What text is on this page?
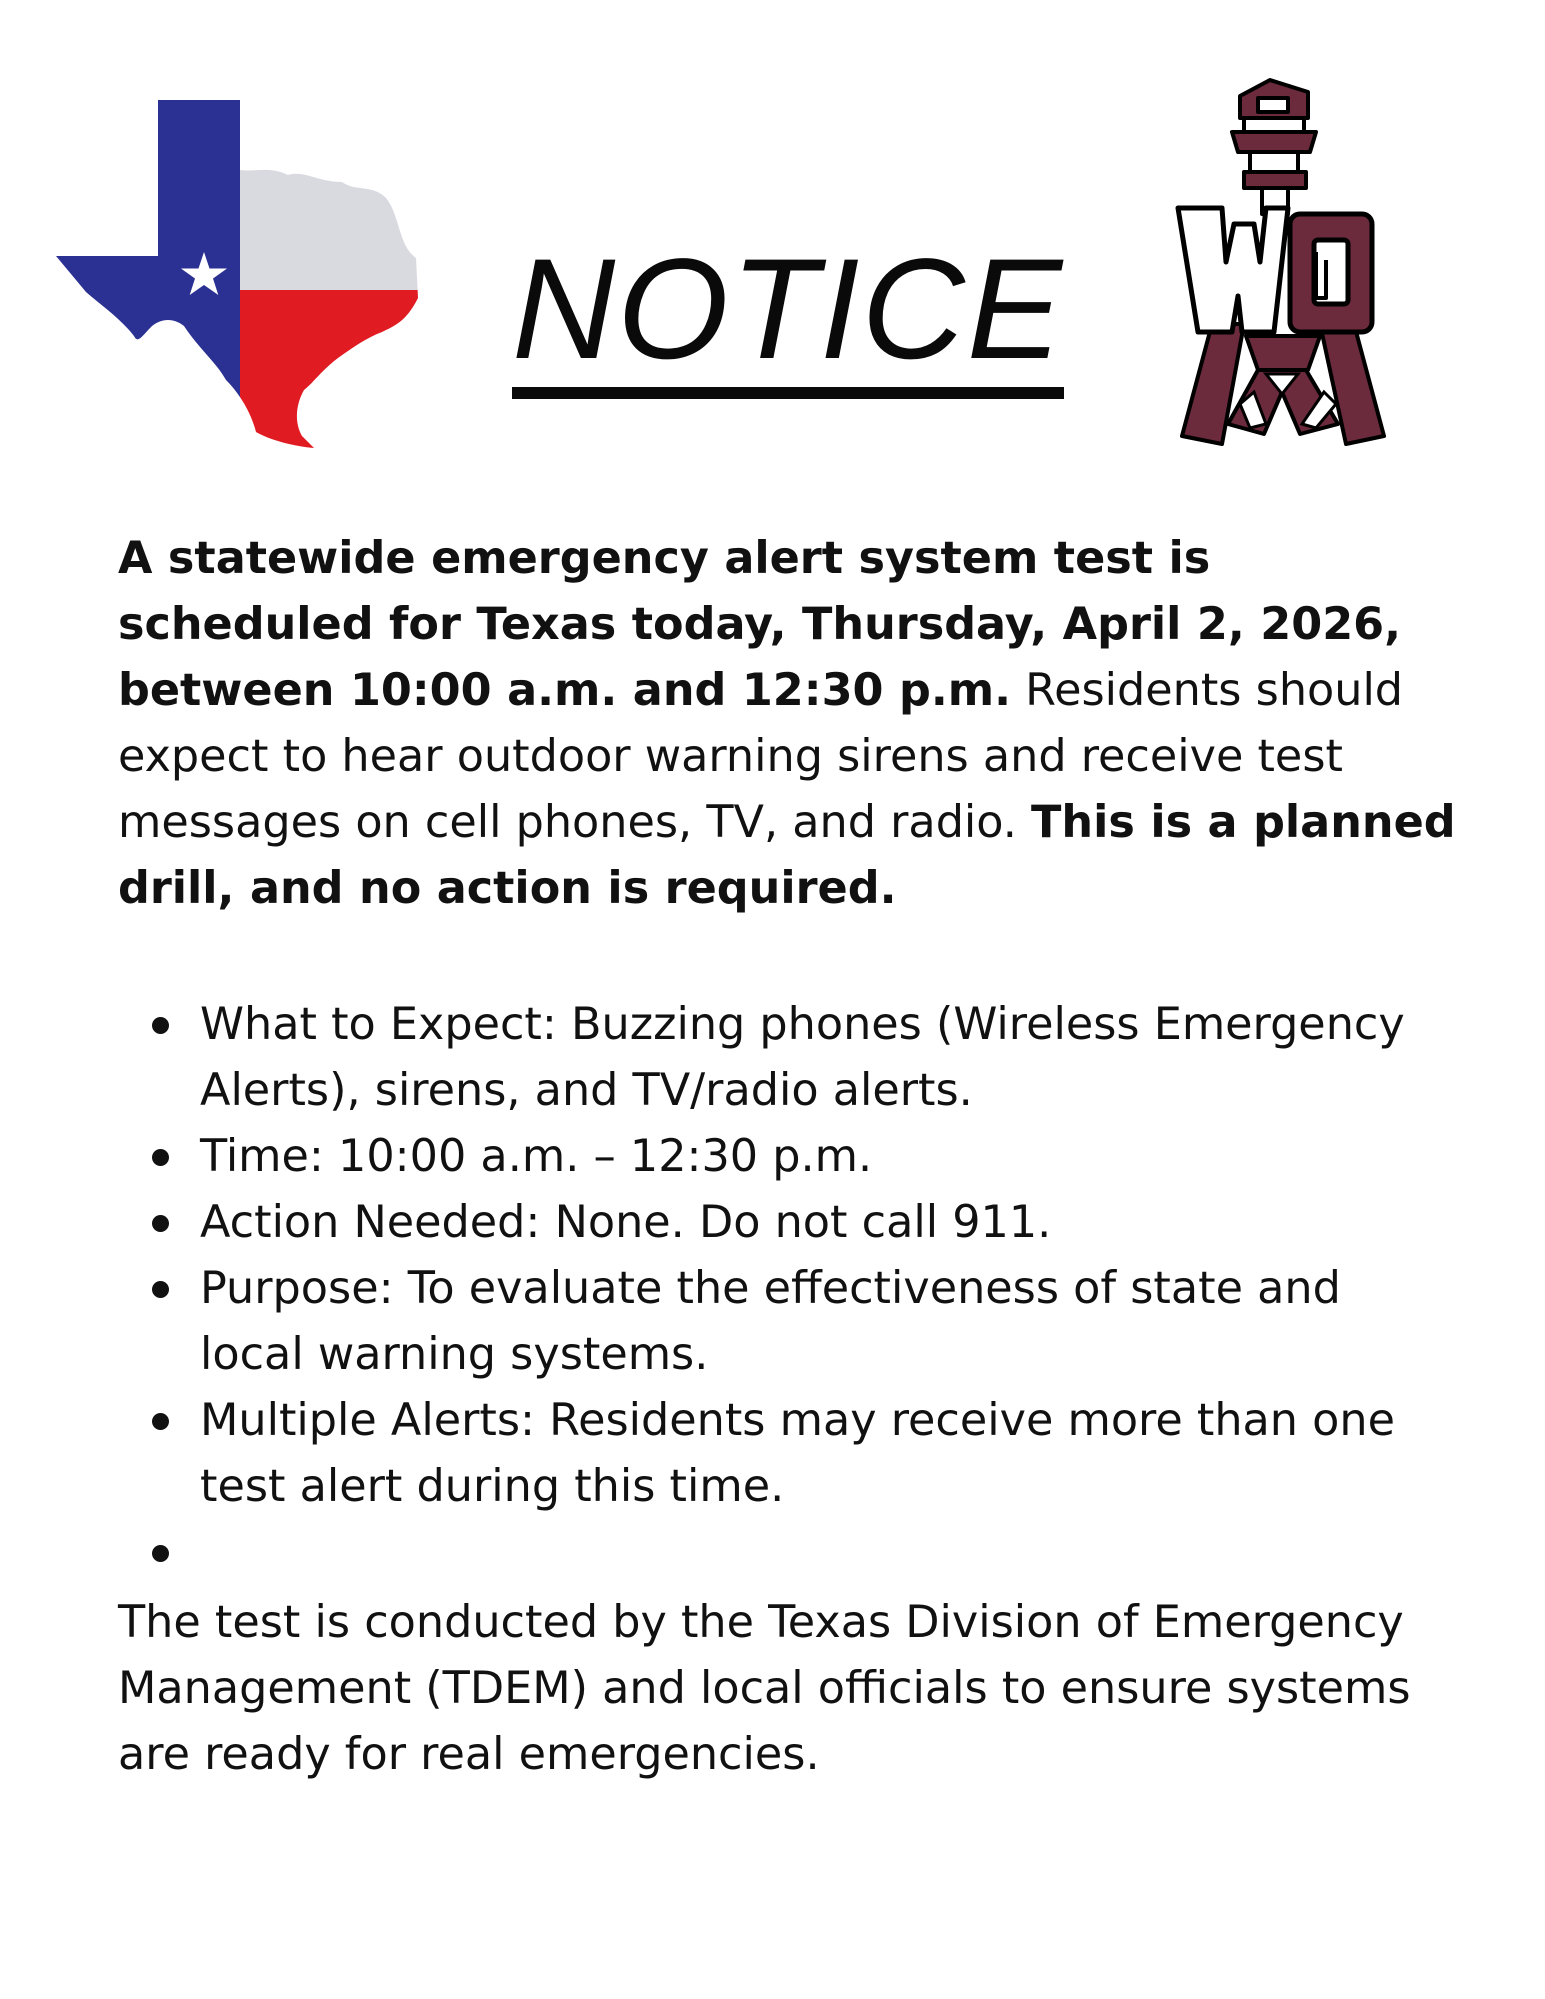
NOTICE

A statewide emergency alert system test is scheduled for Texas today, Thursday, April 2, 2026, between 10:00 a.m. and 12:30 p.m. Residents should expect to hear outdoor warning sirens and receive test messages on cell phones, TV, and radio. This is a planned drill, and no action is required.

What to Expect: Buzzing phones (Wireless Emergency Alerts), sirens, and TV/radio alerts.
Time: 10:00 a.m. – 12:30 p.m.
Action Needed: None. Do not call 911.
Purpose: To evaluate the effectiveness of state and local warning systems.
Multiple Alerts: Residents may receive more than one test alert during this time.

The test is conducted by the Texas Division of Emergency Management (TDEM) and local officials to ensure systems are ready for real emergencies.
